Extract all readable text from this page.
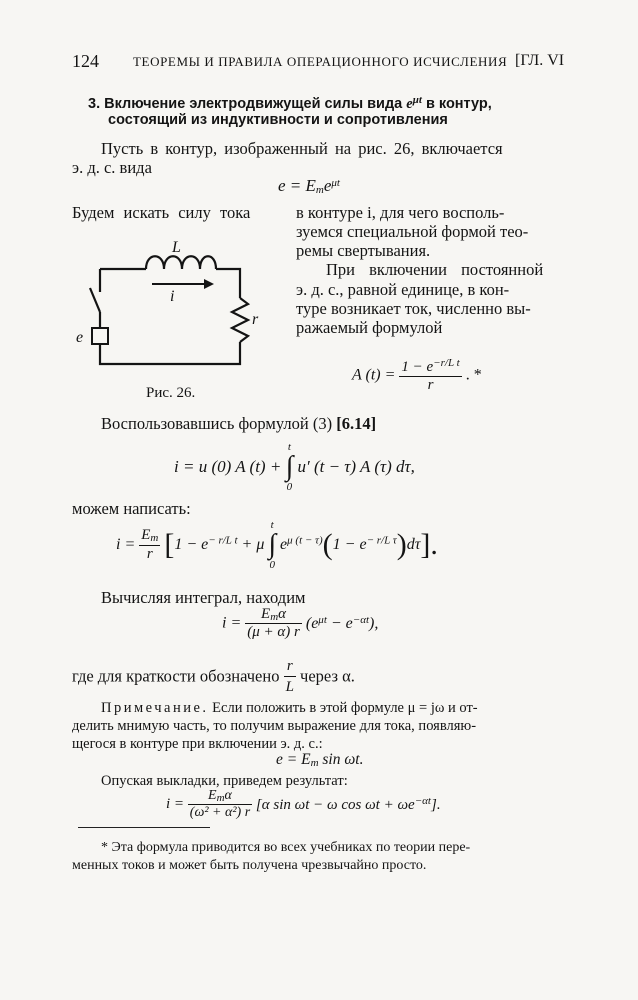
124	ТЕОРЕМЫ И ПРАВИЛА ОПЕРАЦИОННОГО ИСЧИСЛЕНИЯ [ГЛ. VI
3. Включение электродвижущей силы вида $e^{\mu t}$ в контур,
состоящий из индуктивности и сопротивления
Пусть в контур, изображенный на рис. 26, включается
э. д. с. вида
$e = E_me^{\mu t}$
Будем искать силу тока	в контуре i, для чего восполь-
зуемся специальной формой тео-
ремы свертывания.
При включении постоянной
э. д. с., равной единице, в кон-
туре возникает ток, численно вы-
ражаемый формулой
L
i
r
e
Рис. 26.
A $(t) = \frac{1 - e^{-r/L t}}{r}$ . *
Воспользовавшись формулой (3) [6.14]
i = u (0) A (t) +
t
∫
0
u′ (t − τ) A (τ) dτ,
можем написать:
$i = \frac{E_m}{r} [1 - e^{- r/L t} + \mu$
t
∫
0
$e^{\mu (t - \tau)}(1 - e^{- r/L \tau})d\tau$].
Вычисляя интеграл, находим
$i = \frac{E_m\alpha}{(\mu + \alpha) r} (e^{\mu t} - e^{-\alpha t})$,
где для краткости обозначено $\frac{r}{L}$ через α.
Примечание. Если положить в этой формуле μ = jω и от-
делить мнимую часть, то получим выражение для тока, появляю-
щегося в контуре при включении э. д. с.:
$e = E_m$ sin ωt.
Опуская выкладки, приведем результат:
$i = \frac{E_m\alpha}{\text{(ω² + α²) r}} [\alpha$ sin ωt − ω $\cos \omega t + \omega e^{-\alpha t}$].
* Эта формула приводится во всех учебниках по теории пере-
менных токов и может быть получена чрезвычайно просто.
